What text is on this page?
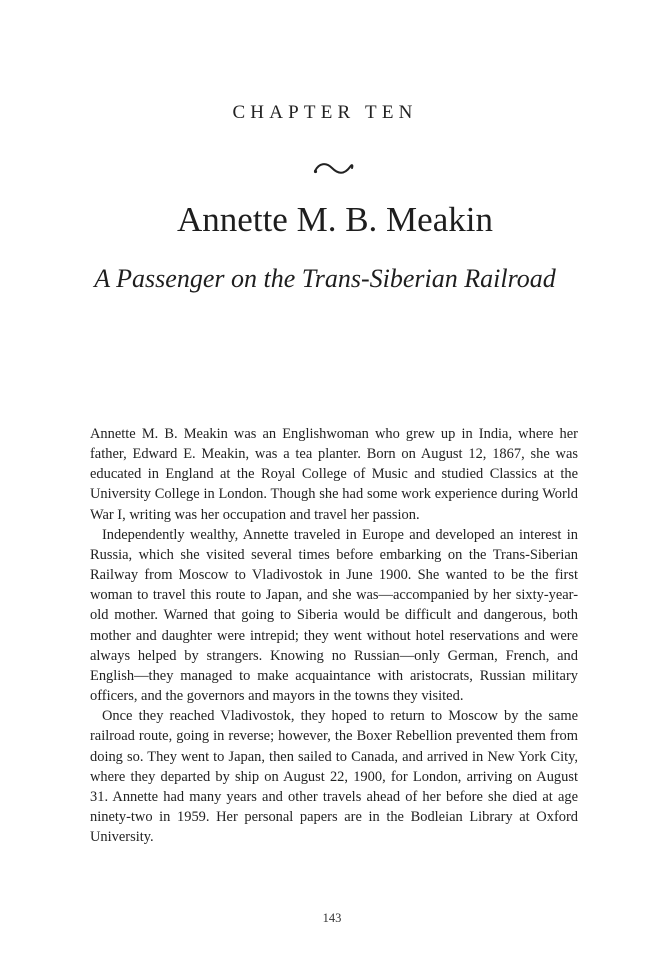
CHAPTER TEN
Annette M. B. Meakin
A Passenger on the Trans-Siberian Railroad

Annette M. B. Meakin was an Englishwoman who grew up in India, where her father, Edward E. Meakin, was a tea planter. Born on August 12, 1867, she was educated in England at the Royal College of Music and studied Classics at the University College in London. Though she had some work experience during World War I, writing was her occupation and travel her passion.

Independently wealthy, Annette traveled in Europe and developed an interest in Russia, which she visited several times before embarking on the Trans-Siberian Railway from Moscow to Vladivostok in June 1900. She wanted to be the first woman to travel this route to Japan, and she was—accompanied by her sixty-year-old mother. Warned that going to Siberia would be difficult and dangerous, both mother and daughter were intrepid; they went without hotel reservations and were always helped by strangers. Knowing no Russian—only German, French, and English—they managed to make acquaintance with aristocrats, Russian military officers, and the governors and mayors in the towns they visited.

Once they reached Vladivostok, they hoped to return to Moscow by the same railroad route, going in reverse; however, the Boxer Rebellion prevented them from doing so. They went to Japan, then sailed to Canada, and arrived in New York City, where they departed by ship on August 22, 1900, for London, arriving on August 31. Annette had many years and other travels ahead of her before she died at age ninety-two in 1959. Her personal papers are in the Bodleian Library at Oxford University.

143
